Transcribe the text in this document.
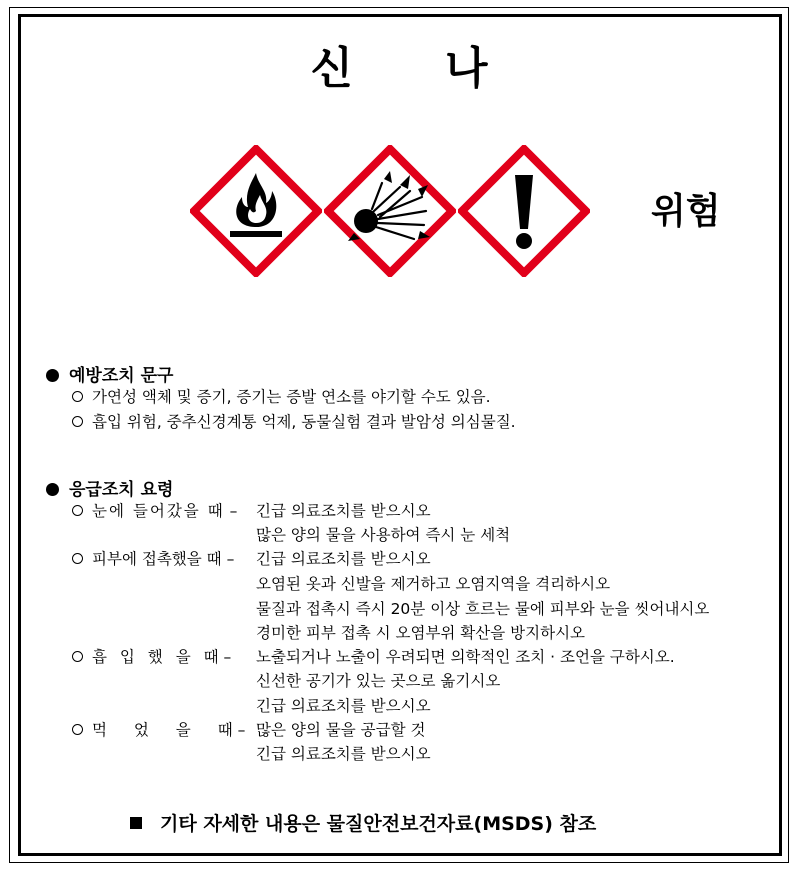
신 나
위험
예방조치 문구
가연성 액체 및 증기, 증기는 증발 연소를 야기할 수도 있음.
흡입 위험, 중추신경계통 억제, 동물실험 결과 발암성 의심물질.
응급조치 요령
눈에 들어갔을 때 – 긴급 의료조치를 받으시오
많은 양의 물을 사용하여 즉시 눈 세척
피부에 접촉했을 때 – 긴급 의료조치를 받으시오
오염된 옷과 신발을 제거하고 오염지역을 격리하시오
물질과 접촉시 즉시 20분 이상 흐르는 물에 피부와 눈을 씻어내시오
경미한 피부 접촉 시 오염부위 확산을 방지하시오
흡 입 했 을 때 – 노출되거나 노출이 우려되면 의학적인 조치 · 조언을 구하시오.
신선한 공기가 있는 곳으로 옮기시오
긴급 의료조치를 받으시오
먹 었 을 때 – 많은 양의 물을 공급할 것
긴급 의료조치를 받으시오
기타 자세한 내용은 물질안전보건자료(MSDS) 참조
